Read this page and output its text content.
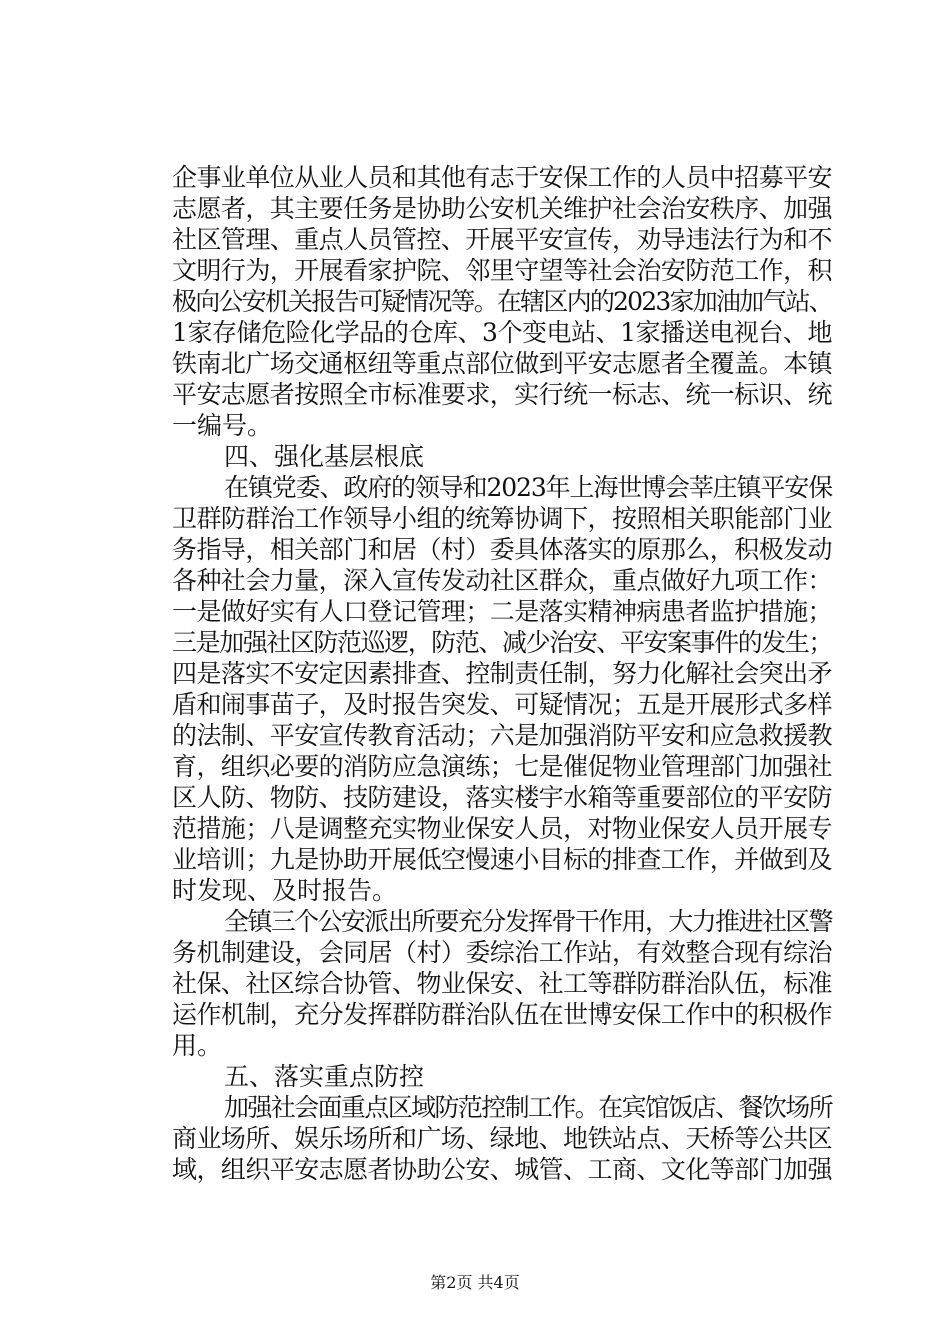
企事业单位从业人员和其他有志于安保工作的人员中招募平安
志愿者，其主要任务是协助公安机关维护社会治安秩序、加强
社区管理、重点人员管控、开展平安宣传，劝导违法行为和不
文明行为，开展看家护院、邻里守望等社会治安防范工作，积
极向公安机关报告可疑情况等。在辖区内的2023家加油加气站、
1家存储危险化学品的仓库、3个变电站、1家播送电视台、地
铁南北广场交通枢纽等重点部位做到平安志愿者全覆盖。本镇
平安志愿者按照全市标准要求，实行统一标志、统一标识、统
一编号。
四、强化基层根底
在镇党委、政府的领导和2023年上海世博会莘庄镇平安保
卫群防群治工作领导小组的统筹协调下，按照相关职能部门业
务指导，相关部门和居（村）委具体落实的原那么，积极发动
各种社会力量，深入宣传发动社区群众，重点做好九项工作：
一是做好实有人口登记管理；二是落实精神病患者监护措施；
三是加强社区防范巡逻，防范、减少治安、平安案事件的发生；
四是落实不安定因素排查、控制责任制，努力化解社会突出矛
盾和闹事苗子，及时报告突发、可疑情况；五是开展形式多样
的法制、平安宣传教育活动；六是加强消防平安和应急救援教
育，组织必要的消防应急演练；七是催促物业管理部门加强社
区人防、物防、技防建设，落实楼宇水箱等重要部位的平安防
范措施；八是调整充实物业保安人员，对物业保安人员开展专
业培训；九是协助开展低空慢速小目标的排查工作，并做到及
时发现、及时报告。
全镇三个公安派出所要充分发挥骨干作用，大力推进社区警
务机制建设，会同居（村）委综治工作站，有效整合现有综治
社保、社区综合协管、物业保安、社工等群防群治队伍，标准
运作机制，充分发挥群防群治队伍在世博安保工作中的积极作
用。
五、落实重点防控
加强社会面重点区域防范控制工作。在宾馆饭店、餐饮场所
商业场所、娱乐场所和广场、绿地、地铁站点、天桥等公共区
域，组织平安志愿者协助公安、城管、工商、文化等部门加强
第2页 共4页
